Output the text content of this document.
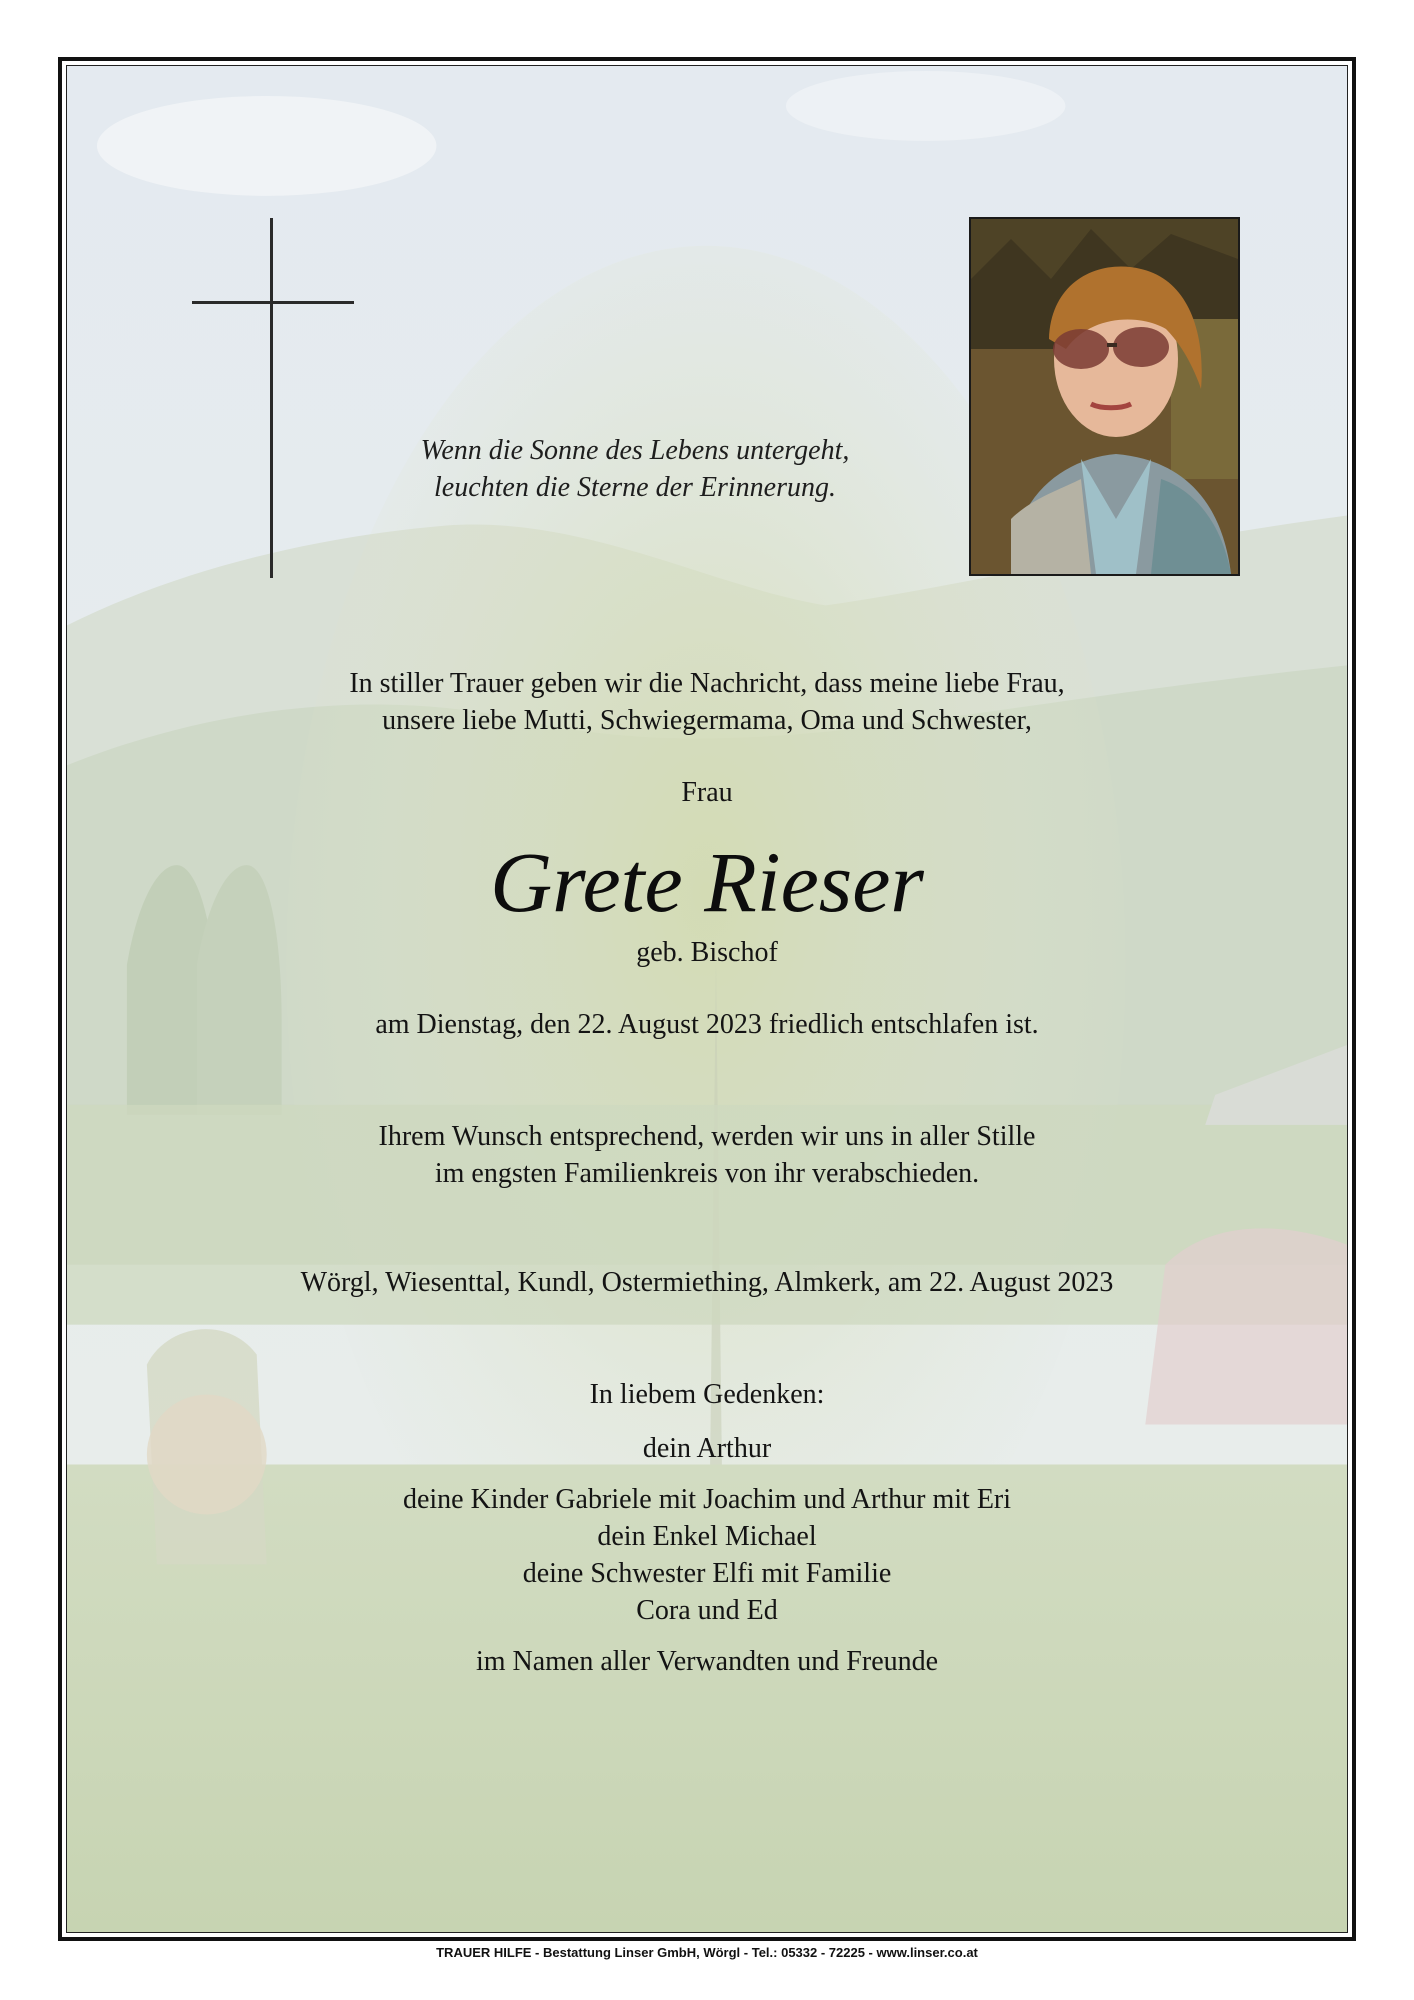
Wenn die Sonne des Lebens untergeht,
leuchten die Sterne der Erinnerung.
In stiller Trauer geben wir die Nachricht, dass meine liebe Frau,
unsere liebe Mutti, Schwiegermama, Oma und Schwester,
Frau
Grete Rieser
geb. Bischof
am Dienstag, den 22. August 2023 friedlich entschlafen ist.
Ihrem Wunsch entsprechend, werden wir uns in aller Stille
im engsten Familienkreis von ihr verabschieden.
Wörgl, Wiesenttal, Kundl, Ostermiething, Almkerk, am 22. August 2023
In liebem Gedenken:
dein Arthur
deine Kinder Gabriele mit Joachim und Arthur mit Eri
dein Enkel Michael
deine Schwester Elfi mit Familie
Cora und Ed
im Namen aller Verwandten und Freunde
TRAUER HILFE - Bestattung Linser GmbH, Wörgl - Tel.: 05332 - 72225 - www.linser.co.at
